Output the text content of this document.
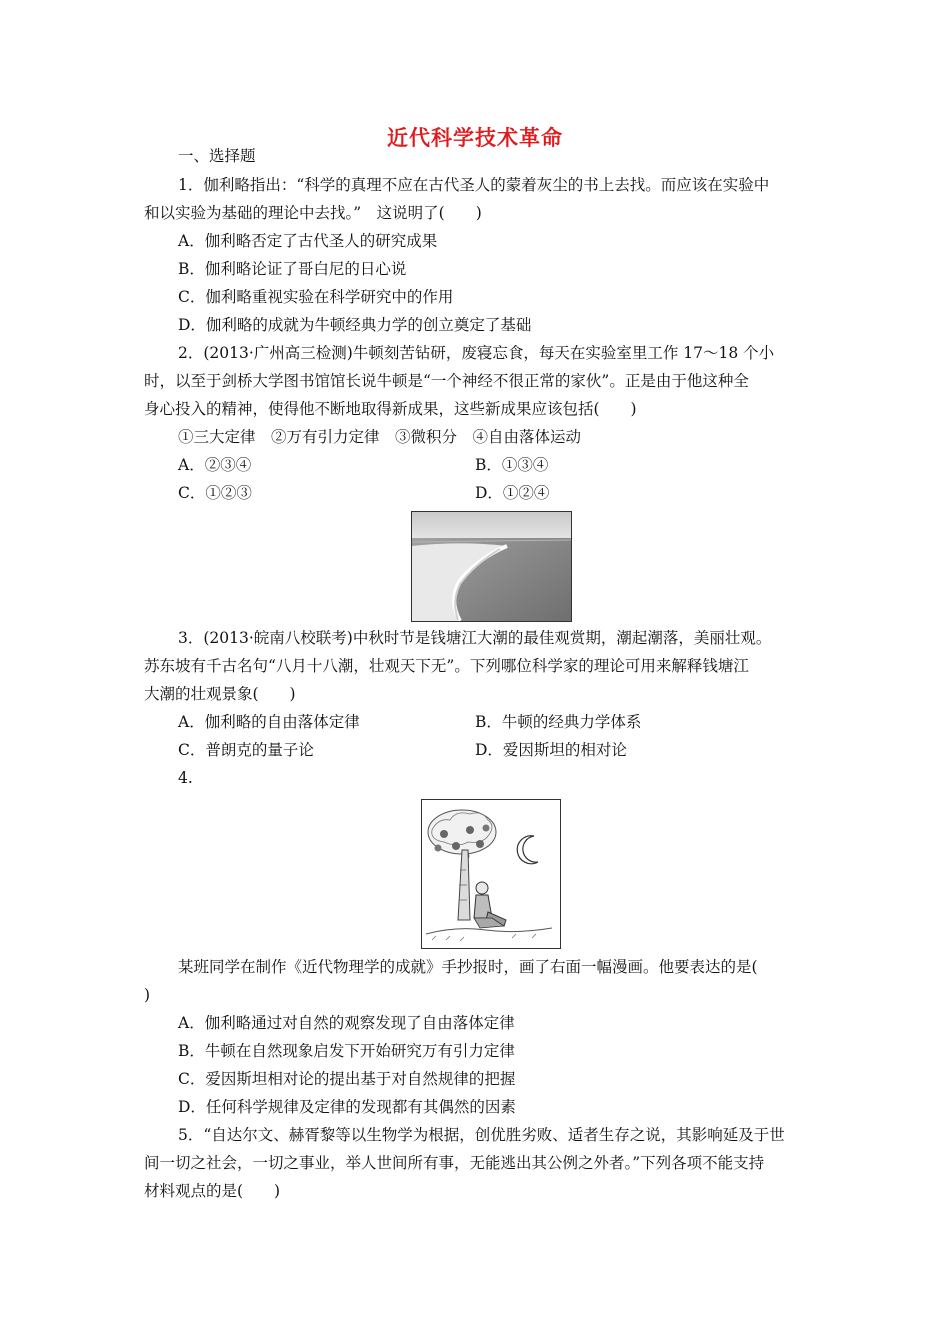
近代科学技术革命
一、选择题
1．伽利略指出：“科学的真理不应在古代圣人的蒙着灰尘的书上去找。而应该在实验中
和以实验为基础的理论中去找。”　这说明了(　　)
A．伽利略否定了古代圣人的研究成果
B．伽利略论证了哥白尼的日心说
C．伽利略重视实验在科学研究中的作用
D．伽利略的成就为牛顿经典力学的创立奠定了基础
2．(2013·广州高三检测)牛顿刻苦钻研，废寝忘食，每天在实验室里工作 17～18 个小
时，以至于剑桥大学图书馆馆长说牛顿是“一个神经不很正常的家伙”。正是由于他这种全
身心投入的精神，使得他不断地取得新成果，这些新成果应该包括(　　)
①三大定律　②万有引力定律　③微积分　④自由落体运动
A．②③④	B．①③④
C．①②③	D．①②④
3．(2013·皖南八校联考)中秋时节是钱塘江大潮的最佳观赏期，潮起潮落，美丽壮观。
苏东坡有千古名句“八月十八潮，壮观天下无”。下列哪位科学家的理论可用来解释钱塘江
大潮的壮观景象(　　)
A．伽利略的自由落体定律	B．牛顿的经典力学体系
C．普朗克的量子论	D．爱因斯坦的相对论
4.
某班同学在制作《近代物理学的成就》手抄报时，画了右面一幅漫画。他要表达的是(
)
A．伽利略通过对自然的观察发现了自由落体定律
B．牛顿在自然现象启发下开始研究万有引力定律
C．爱因斯坦相对论的提出基于对自然规律的把握
D．任何科学规律及定律的发现都有其偶然的因素
5．“自达尔文、赫胥黎等以生物学为根据，创优胜劣败、适者生存之说，其影响延及于世
间一切之社会，一切之事业，举人世间所有事，无能逃出其公例之外者。”下列各项不能支持
材料观点的是(　　)
